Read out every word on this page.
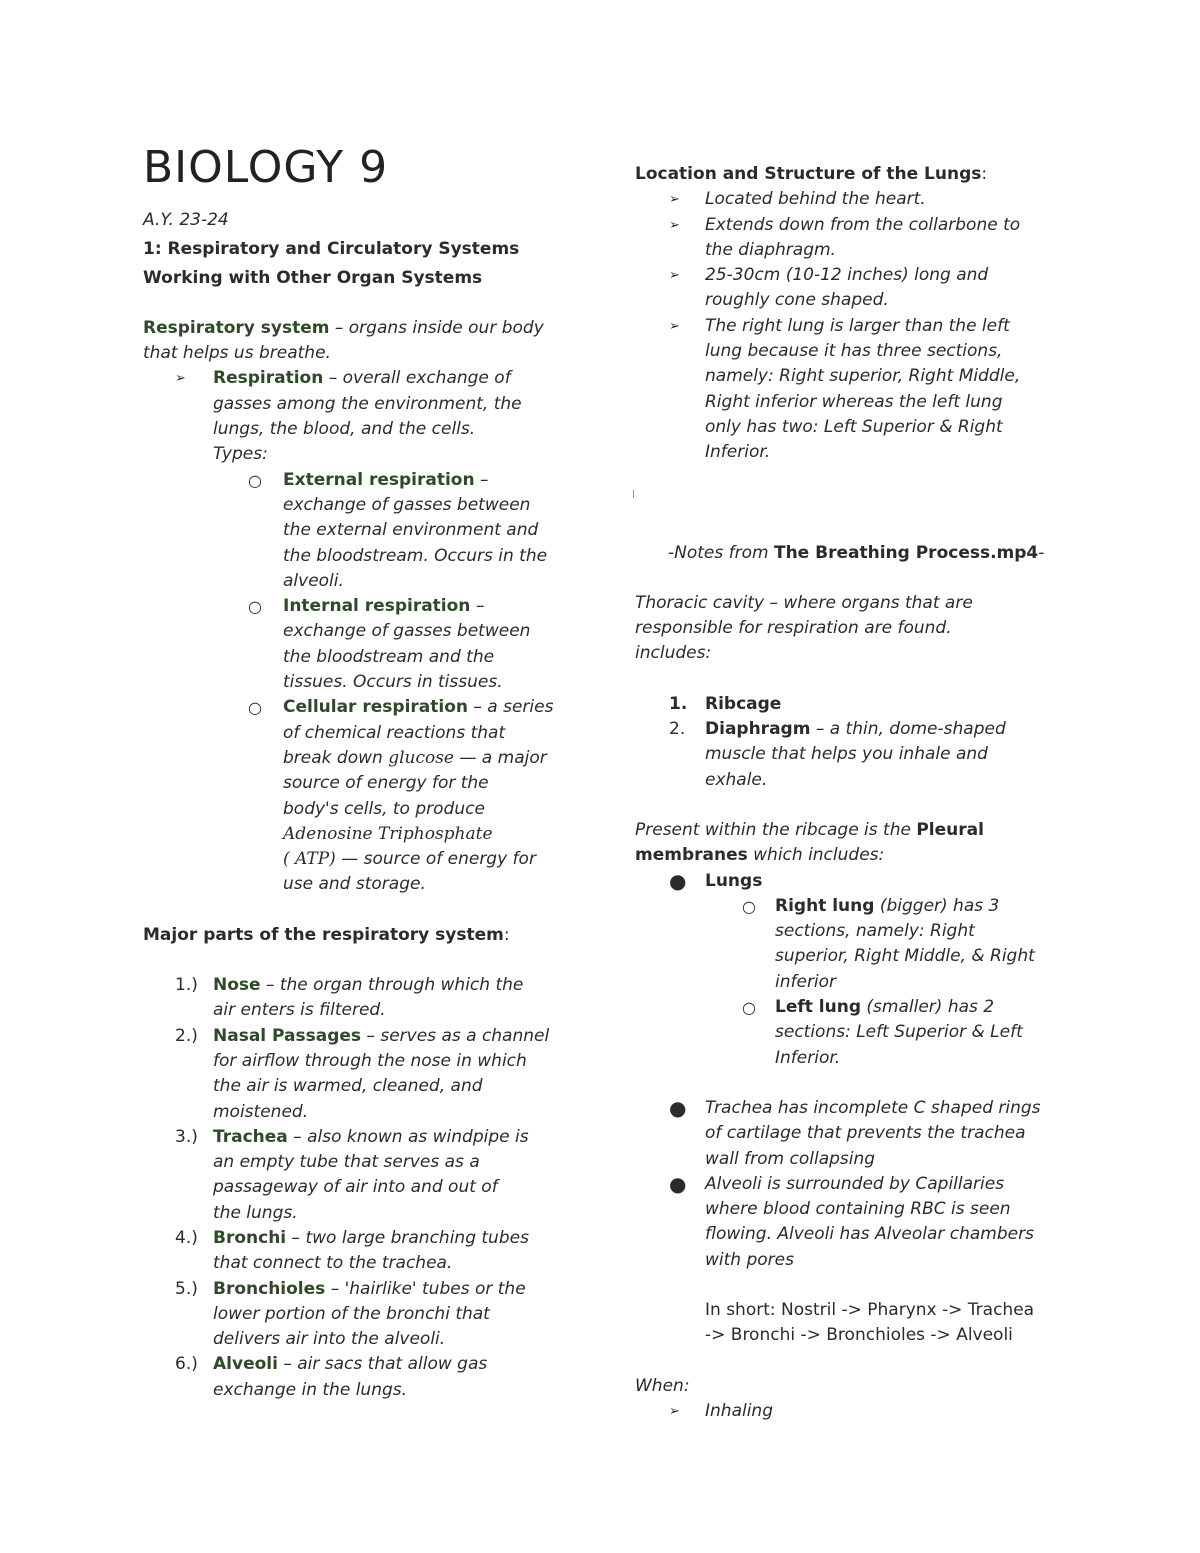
BIOLOGY 9
A.Y. 23-24
1: Respiratory and Circulatory Systems
Working with Other Organ Systems
Respiratory system – organs inside our body
that helps us breathe.
➢ Respiration – overall exchange of
gasses among the environment, the
lungs, the blood, and the cells.
Types:
○ External respiration –
exchange of gasses between
the external environment and
the bloodstream. Occurs in the
alveoli.
○ Internal respiration –
exchange of gasses between
the bloodstream and the
tissues. Occurs in tissues.
○ Cellular respiration – a series
of chemical reactions that
break down glucose — a major
source of energy for the
body's cells, to produce
Adenosine Triphosphate
( ATP) — source of energy for
use and storage.
Major parts of the respiratory system:
1.) Nose – the organ through which the
air enters is filtered.
2.) Nasal Passages – serves as a channel
for airflow through the nose in which
the air is warmed, cleaned, and
moistened.
3.) Trachea – also known as windpipe is
an empty tube that serves as a
passageway of air into and out of
the lungs.
4.) Bronchi – two large branching tubes
that connect to the trachea.
5.) Bronchioles – 'hairlike' tubes or the
lower portion of the bronchi that
delivers air into the alveoli.
6.) Alveoli – air sacs that allow gas
exchange in the lungs.
Location and Structure of the Lungs:
➢ Located behind the heart.
➢ Extends down from the collarbone to
the diaphragm.
➢ 25-30cm (10-12 inches) long and
roughly cone shaped.
➢ The right lung is larger than the left
lung because it has three sections,
namely: Right superior, Right Middle,
Right inferior whereas the left lung
only has two: Left Superior & Right
Inferior.
-Notes from The Breathing Process.mp4-
Thoracic cavity – where organs that are
responsible for respiration are found.
includes:
1. Ribcage
2. Diaphragm – a thin, dome-shaped
muscle that helps you inhale and
exhale.
Present within the ribcage is the Pleural
membranes which includes:
● Lungs
○ Right lung (bigger) has 3
sections, namely: Right
superior, Right Middle, & Right
inferior
○ Left lung (smaller) has 2
sections: Left Superior & Left
Inferior.
● Trachea has incomplete C shaped rings
of cartilage that prevents the trachea
wall from collapsing
● Alveoli is surrounded by Capillaries
where blood containing RBC is seen
flowing. Alveoli has Alveolar chambers
with pores
In short: Nostril -> Pharynx -> Trachea
-> Bronchi -> Bronchioles -> Alveoli
When:
➢ Inhaling
